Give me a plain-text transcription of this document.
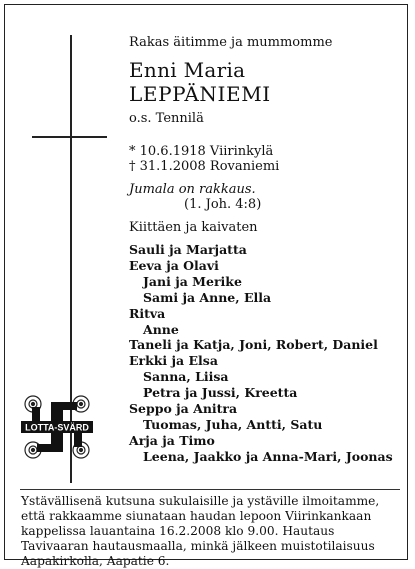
LOTTA-SVÄRD
Rakas äitimme ja mummomme
Enni Maria
LEPPÄNIEMI
o.s. Tennilä
* 10.6.1918 Viirinkylä
† 31.1.2008 Rovaniemi
Jumala on rakkaus.
(1. Joh. 4:8)
Kiittäen ja kaivaten
Sauli ja Marjatta
Eeva ja Olavi
Jani ja Merike
Sami ja Anne, Ella
Ritva
Anne
Taneli ja Katja, Joni, Robert, Daniel
Erkki ja Elsa
Sanna, Liisa
Petra ja Jussi, Kreetta
Seppo ja Anitra
Tuomas, Juha, Antti, Satu
Arja ja Timo
Leena, Jaakko ja Anna-Mari, Joonas

Ystävällisenä kutsuna sukulaisille ja ystäville ilmoitamme, että rakkaamme siunataan haudan lepoon Viirinkankaan kappelissa lauantaina 16.2.2008 klo 9.00. Hautaus Tavivaaran hautausmaalla, minkä jälkeen muistotilaisuus Aapakirkolla, Aapatie 6.
